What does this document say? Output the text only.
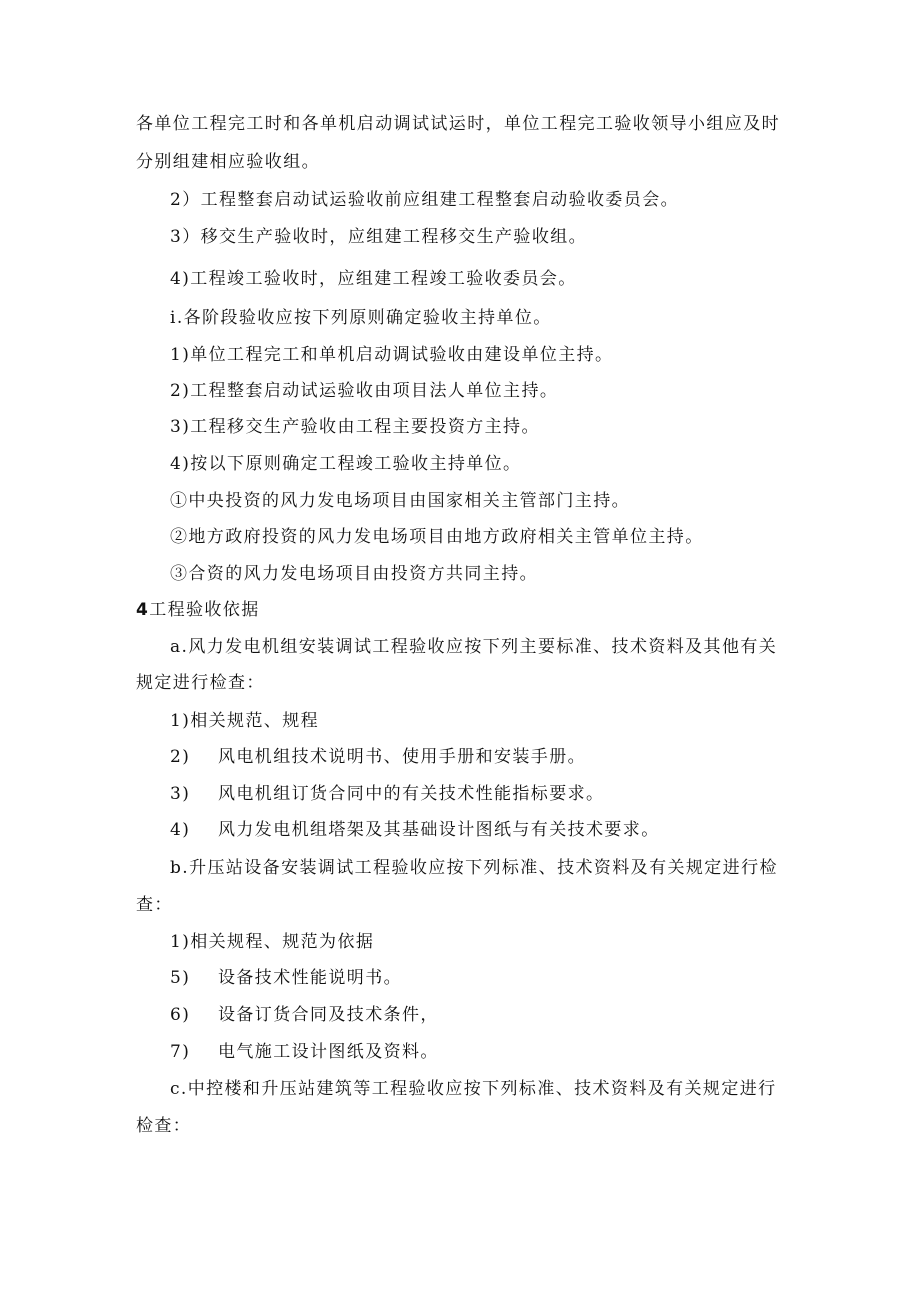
各单位工程完工时和各单机启动调试试运时，单位工程完工验收领导小组应及时
分别组建相应验收组。
2）工程整套启动试运验收前应组建工程整套启动验收委员会。
3）移交生产验收时，应组建工程移交生产验收组。
4)工程竣工验收时，应组建工程竣工验收委员会。
i.各阶段验收应按下列原则确定验收主持单位。
1)单位工程完工和单机启动调试验收由建设单位主持。
2)工程整套启动试运验收由项目法人单位主持。
3)工程移交生产验收由工程主要投资方主持。
4)按以下原则确定工程竣工验收主持单位。
①中央投资的风力发电场项目由国家相关主管部门主持。
②地方政府投资的风力发电场项目由地方政府相关主管单位主持。
③合资的风力发电场项目由投资方共同主持。
4工程验收依据
a.风力发电机组安装调试工程验收应按下列主要标准、技术资料及其他有关
规定进行检查：
1)相关规范、规程
2) 风电机组技术说明书、使用手册和安装手册。
3) 风电机组订货合同中的有关技术性能指标要求。
4) 风力发电机组塔架及其基础设计图纸与有关技术要求。
b.升压站设备安装调试工程验收应按下列标准、技术资料及有关规定进行检
查：
1)相关规程、规范为依据
5) 设备技术性能说明书。
6) 设备订货合同及技术条件，
7) 电气施工设计图纸及资料。
c.中控楼和升压站建筑等工程验收应按下列标准、技术资料及有关规定进行
检查：
